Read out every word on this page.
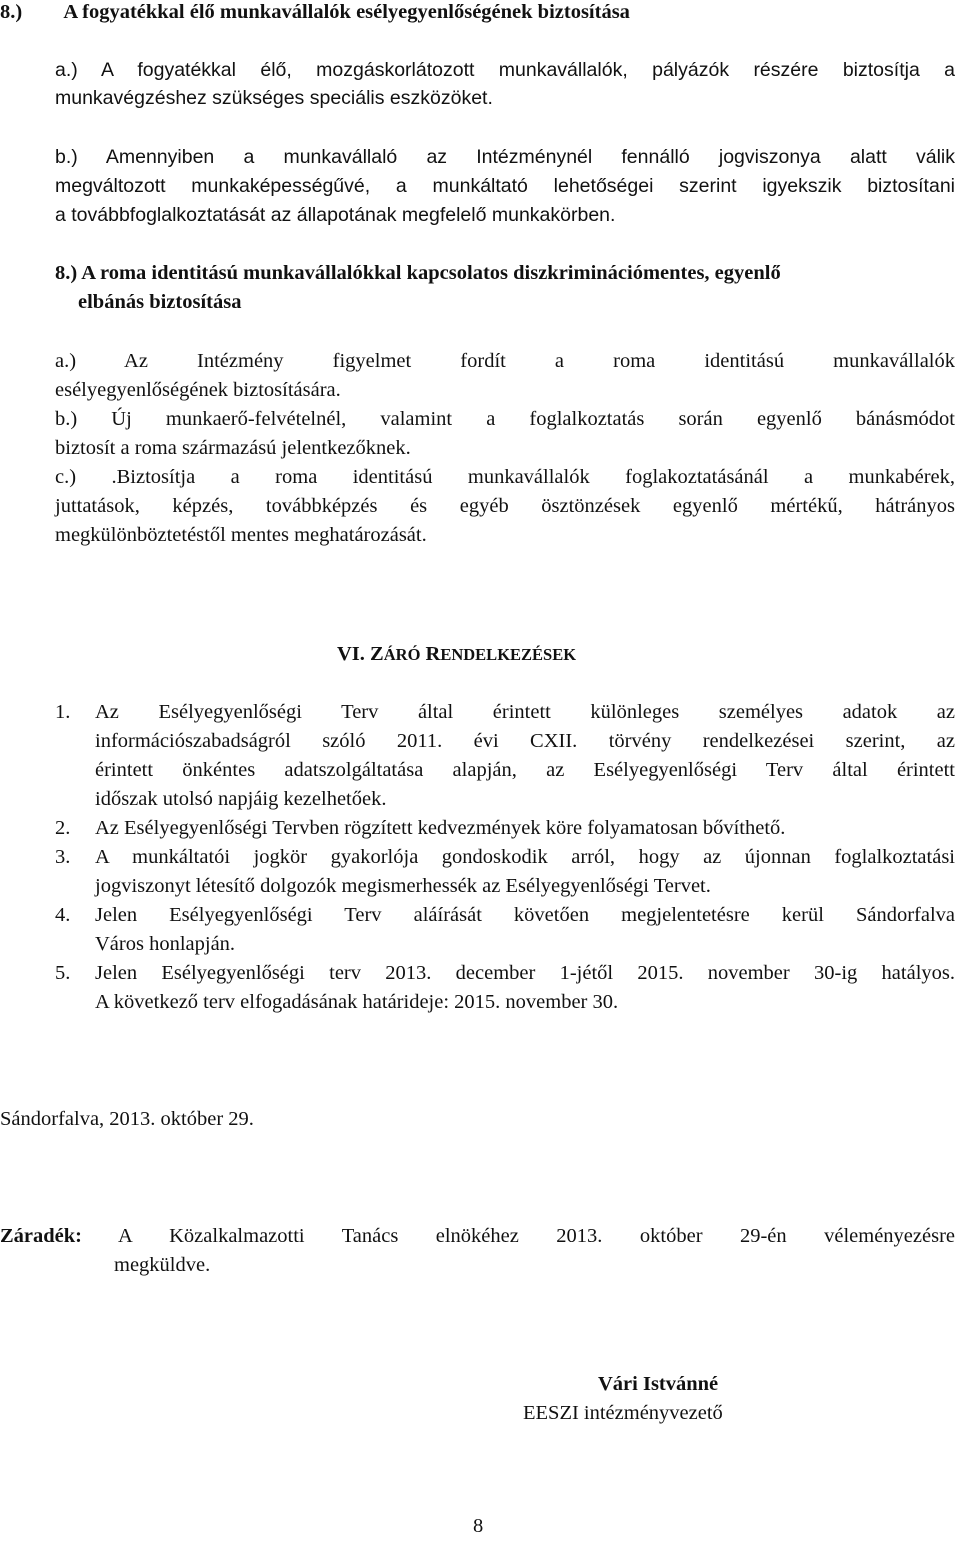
8.) A fogyatékkal élő munkavállalók esélyegyenlőségének biztosítása
a.) A fogyatékkal élő, mozgáskorlátozott munkavállalók, pályázók részére biztosítja a
munkavégzéshez szükséges speciális eszközöket.
b.) Amennyiben a munkavállaló az Intézménynél fennálló jogviszonya alatt válik
megváltozott munkaképességűvé, a munkáltató lehetőségei szerint igyekszik biztosítani
a továbbfoglalkoztatását az állapotának megfelelő munkakörben.
8.) A roma identitású munkavállalókkal kapcsolatos diszkriminációmentes, egyenlő
elbánás biztosítása
a.) Az Intézmény figyelmet fordít a roma identitású munkavállalók
esélyegyenlőségének biztosítására.
b.) Új munkaerő-felvételnél, valamint a foglalkoztatás során egyenlő bánásmódot
biztosít a roma származású jelentkezőknek.
c.) .Biztosítja a roma identitású munkavállalók foglakoztatásánál a munkabérek,
juttatások, képzés, továbbképzés és egyéb ösztönzések egyenlő mértékű, hátrányos
megkülönböztetéstől mentes meghatározását.
VI. ZÁRÓ RENDELKEZÉSEK
1. Az Esélyegyenlőségi Terv által érintett különleges személyes adatok az
információszabadságról szóló 2011. évi CXII. törvény rendelkezései szerint, az
érintett önkéntes adatszolgáltatása alapján, az Esélyegyenlőségi Terv által érintett
időszak utolsó napjáig kezelhetőek.
2. Az Esélyegyenlőségi Tervben rögzített kedvezmények köre folyamatosan bővíthető.
3. A munkáltatói jogkör gyakorlója gondoskodik arról, hogy az újonnan foglalkoztatási
jogviszonyt létesítő dolgozók megismerhessék az Esélyegyenlőségi Tervet.
4. Jelen Esélyegyenlőségi Terv aláírását követően megjelentetésre kerül Sándorfalva
Város honlapján.
5. Jelen Esélyegyenlőségi terv 2013. december 1-jétől 2015. november 30-ig hatályos.
A következő terv elfogadásának határideje: 2015. november 30.
Sándorfalva, 2013. október 29.
Záradék: A Közalkalmazotti Tanács elnökéhez 2013. október 29-én véleményezésre
megküldve.
Vári Istvánné
EESZI intézményvezető
8
